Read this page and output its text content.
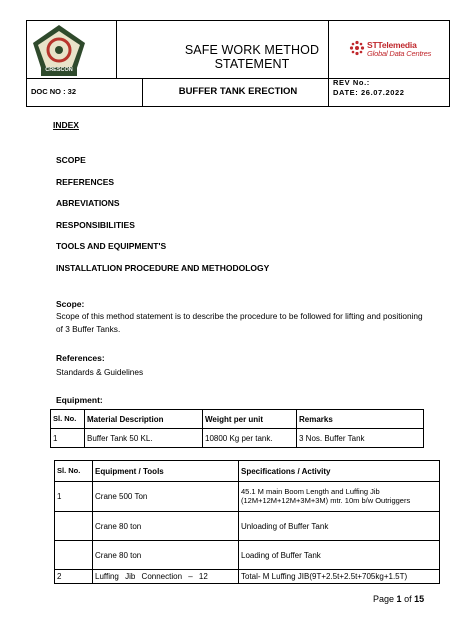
CRESCON
SAFE WORK METHOD STATEMENT
STTelemedia
Global Data Centres
DOC NO : 32	BUFFER TANK ERECTION
REV No.:
DATE: 26.07.2022
INDEX
SCOPE
REFERENCES
ABREVIATIONS
RESPONSIBILITIES
TOOLS AND EQUIPMENT'S
INSTALLATLION PROCEDURE AND METHODOLOGY
Scope:
Scope of this method statement is to describe the procedure to be followed for lifting and positioning of 3 Buffer Tanks.
References:
Standards & Guidelines
Equipment:
Sl. No.	Material Description	Weight per unit	Remarks
1	Buffer Tank 50 KL.	10800 Kg per tank.	3 Nos. Buffer Tank
Sl. No.	Equipment / Tools	Specifications / Activity
1	Crane 500 Ton	45.1 M main Boom Length and Luffing Jib (12M+12M+12M+3M+3M) mtr. 10m b/w Outriggers
	Crane 80 ton	Unloading of Buffer Tank
	Crane 80 ton	Loading of Buffer Tank
2	Luffing Jib Connection – 12	Total- M Luffing JIB(9T+2.5t+2.5t+705kg+1.5T)
Page 1 of 15
